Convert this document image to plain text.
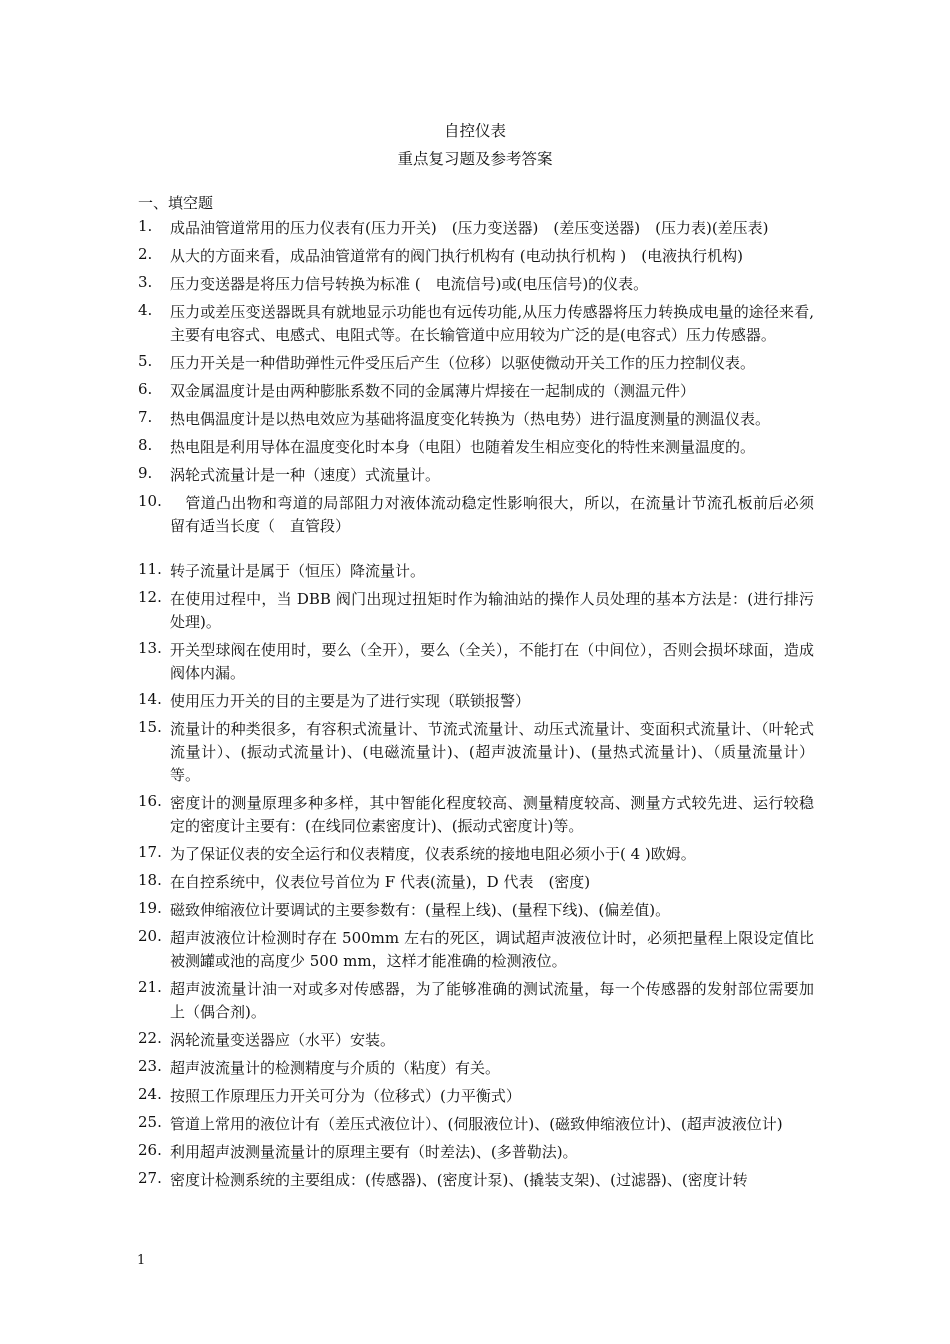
自控仪表
重点复习题及参考答案
一、填空题
1. 成品油管道常用的压力仪表有(压力开关)　(压力变送器)　(差压变送器)　(压力表)(差压表)
2. 从大的方面来看，成品油管道常有的阀门执行机构有 (电动执行机构 )　(电液执行机构)
3. 压力变送器是将压力信号转换为标准 (　电流信号)或(电压信号)的仪表。
4. 压力或差压变送器既具有就地显示功能也有远传功能,从压力传感器将压力转换成电量的途径来看,主要有电容式、电感式、电阻式等。在长输管道中应用较为广泛的是(电容式）压力传感器。
5. 压力开关是一种借助弹性元件受压后产生（位移）以驱使微动开关工作的压力控制仪表。
6. 双金属温度计是由两种膨胀系数不同的金属薄片焊接在一起制成的（测温元件）
7. 热电偶温度计是以热电效应为基础将温度变化转换为（热电势）进行温度测量的测温仪表。
8. 热电阻是利用导体在温度变化时本身（电阻）也随着发生相应变化的特性来测量温度的。
9. 涡轮式流量计是一种（速度）式流量计。
10. 　管道凸出物和弯道的局部阻力对液体流动稳定性影响很大，所以，在流量计节流孔板前后必须留有适当长度（　直管段）
11. 转子流量计是属于（恒压）降流量计。
12. 在使用过程中，当 DBB 阀门出现过扭矩时作为输油站的操作人员处理的基本方法是：(进行排污处理)。
13. 开关型球阀在使用时，要么（全开），要么（全关），不能打在（中间位），否则会损坏球面，造成阀体内漏。
14. 使用压力开关的目的主要是为了进行实现（联锁报警）
15. 流量计的种类很多，有容积式流量计、节流式流量计、动压式流量计、变面积式流量计、（叶轮式流量计）、(振动式流量计)、(电磁流量计)、(超声波流量计)、(量热式流量计)、（质量流量计）等。
16. 密度计的测量原理多种多样，其中智能化程度较高、测量精度较高、测量方式较先进、运行较稳定的密度计主要有：(在线同位素密度计)、(振动式密度计)等。
17. 为了保证仪表的安全运行和仪表精度，仪表系统的接地电阻必须小于( 4 )欧姆。
18. 在自控系统中，仪表位号首位为 F 代表(流量)，D 代表　(密度)
19. 磁致伸缩液位计要调试的主要参数有：(量程上线)、(量程下线)、(偏差值)。
20. 超声波液位计检测时存在 500mm 左右的死区，调试超声波液位计时，必须把量程上限设定值比被测罐或池的高度少 500 mm，这样才能准确的检测液位。
21. 超声波流量计油一对或多对传感器，为了能够准确的测试流量，每一个传感器的发射部位需要加上（偶合剂)。
22. 涡轮流量变送器应（水平）安装。
23. 超声波流量计的检测精度与介质的（粘度）有关。
24. 按照工作原理压力开关可分为（位移式）(力平衡式）
25. 管道上常用的液位计有（差压式液位计）、(伺服液位计)、(磁致伸缩液位计)、(超声波液位计)
26. 利用超声波测量流量计的原理主要有（时差法)、(多普勒法)。
27. 密度计检测系统的主要组成：(传感器)、(密度计泵)、(撬装支架)、(过滤器)、(密度计转
1
